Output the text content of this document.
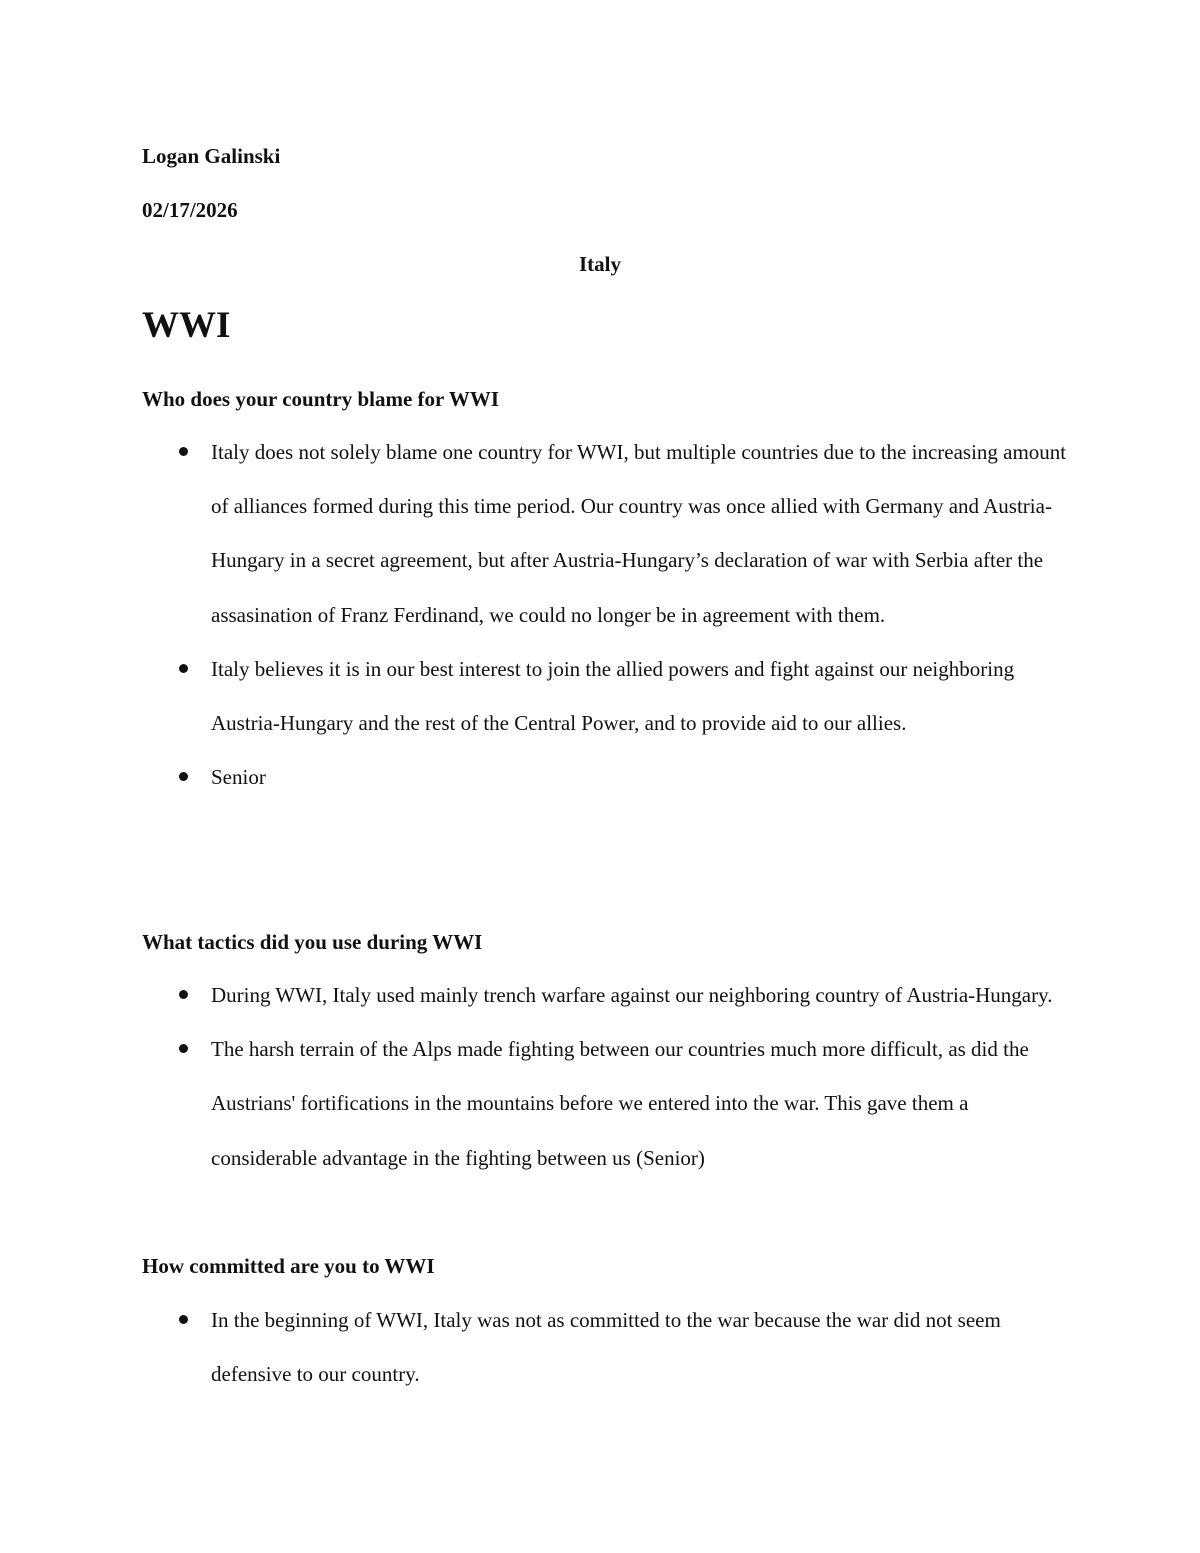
Logan Galinski
02/17/2026
Italy
WWI
Who does your country blame for WWI
Italy does not solely blame one country for WWI, but multiple countries due to the increasing amount of alliances formed during this time period. Our country was once allied with Germany and Austria-Hungary in a secret agreement, but after Austria-Hungary’s declaration of war with Serbia after the assasination of Franz Ferdinand, we could no longer be in agreement with them.
Italy believes it is in our best interest to join the allied powers and fight against our neighboring Austria-Hungary and the rest of the Central Power, and to provide aid to our allies.
Senior
What tactics did you use during WWI
During WWI, Italy used mainly trench warfare against our neighboring country of Austria-Hungary.
The harsh terrain of the Alps made fighting between our countries much more difficult, as did the Austrians' fortifications in the mountains before we entered into the war. This gave them a considerable advantage in the fighting between us (Senior)
How committed are you to WWI
In the beginning of WWI, Italy was not as committed to the war because the war did not seem defensive to our country.
